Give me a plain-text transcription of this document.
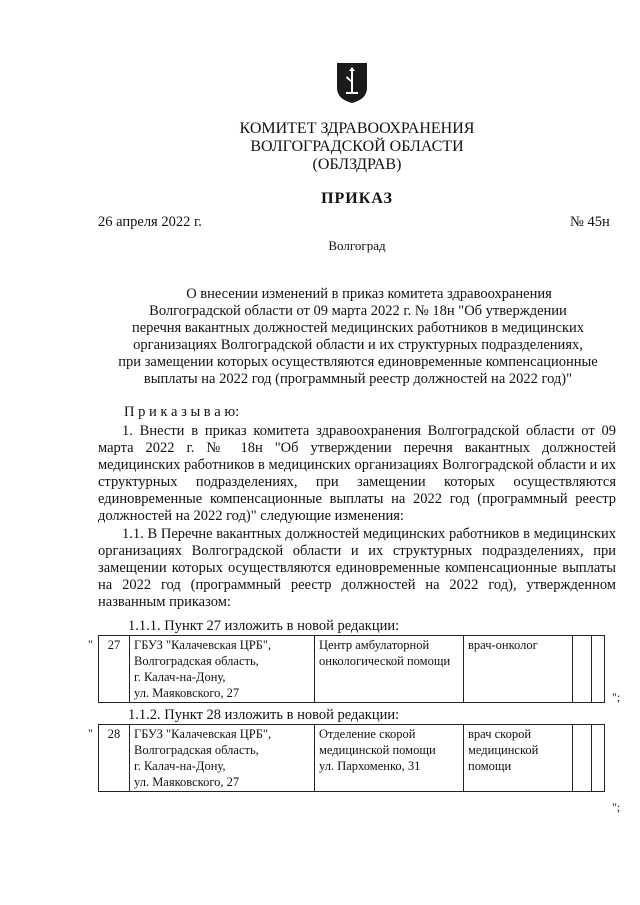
КОМИТЕТ ЗДРАВООХРАНЕНИЯ
ВОЛГОГРАДСКОЙ ОБЛАСТИ
(ОБЛЗДРАВ)
ПРИКАЗ
26 апреля 2022 г.	№ 45н
Волгоград
О внесении изменений в приказ комитета здравоохранения
Волгоградской области от 09 марта 2022 г. № 18н "Об утверждении
перечня вакантных должностей медицинских работников в медицинских
организациях Волгоградской области и их структурных подразделениях,
при замещении которых осуществляются единовременные компенсационные
выплаты на 2022 год (программный реестр должностей на 2022 год)"
П р и к а з ы в а ю:
1. Внести в приказ комитета здравоохранения Волгоградской области от 09 марта 2022 г. № 18н "Об утверждении перечня вакантных должностей медицинских работников в медицинских организациях Волгоградской области и их структурных подразделениях, при замещении которых осуществляются единовременные компенсационные выплаты на 2022 год (программный реестр должностей на 2022 год)" следующие изменения:
1.1. В Перечне вакантных должностей медицинских работников в медицинских организациях Волгоградской области и их структурных подразделениях, при замещении которых осуществляются единовременные компенсационные выплаты на 2022 год (программный реестр должностей на 2022 год), утвержденном названным приказом:
1.1.1. Пункт 27 изложить в новой редакции:
"	27	ГБУЗ "Калачевская ЦРБ",
Волгоградская область,
г. Калач-на-Дону,
ул. Маяковского, 27

Центр амбулаторной
онкологической помощи

врач-онколог

";
1.1.2. Пункт 28 изложить в новой редакции:
"	28	ГБУЗ "Калачевская ЦРБ",
Волгоградская область,
г. Калач-на-Дону,
ул. Маяковского, 27

Отделение скорой
медицинской помощи
ул. Пархоменко, 31

врач скорой
медицинской
помощи

";
